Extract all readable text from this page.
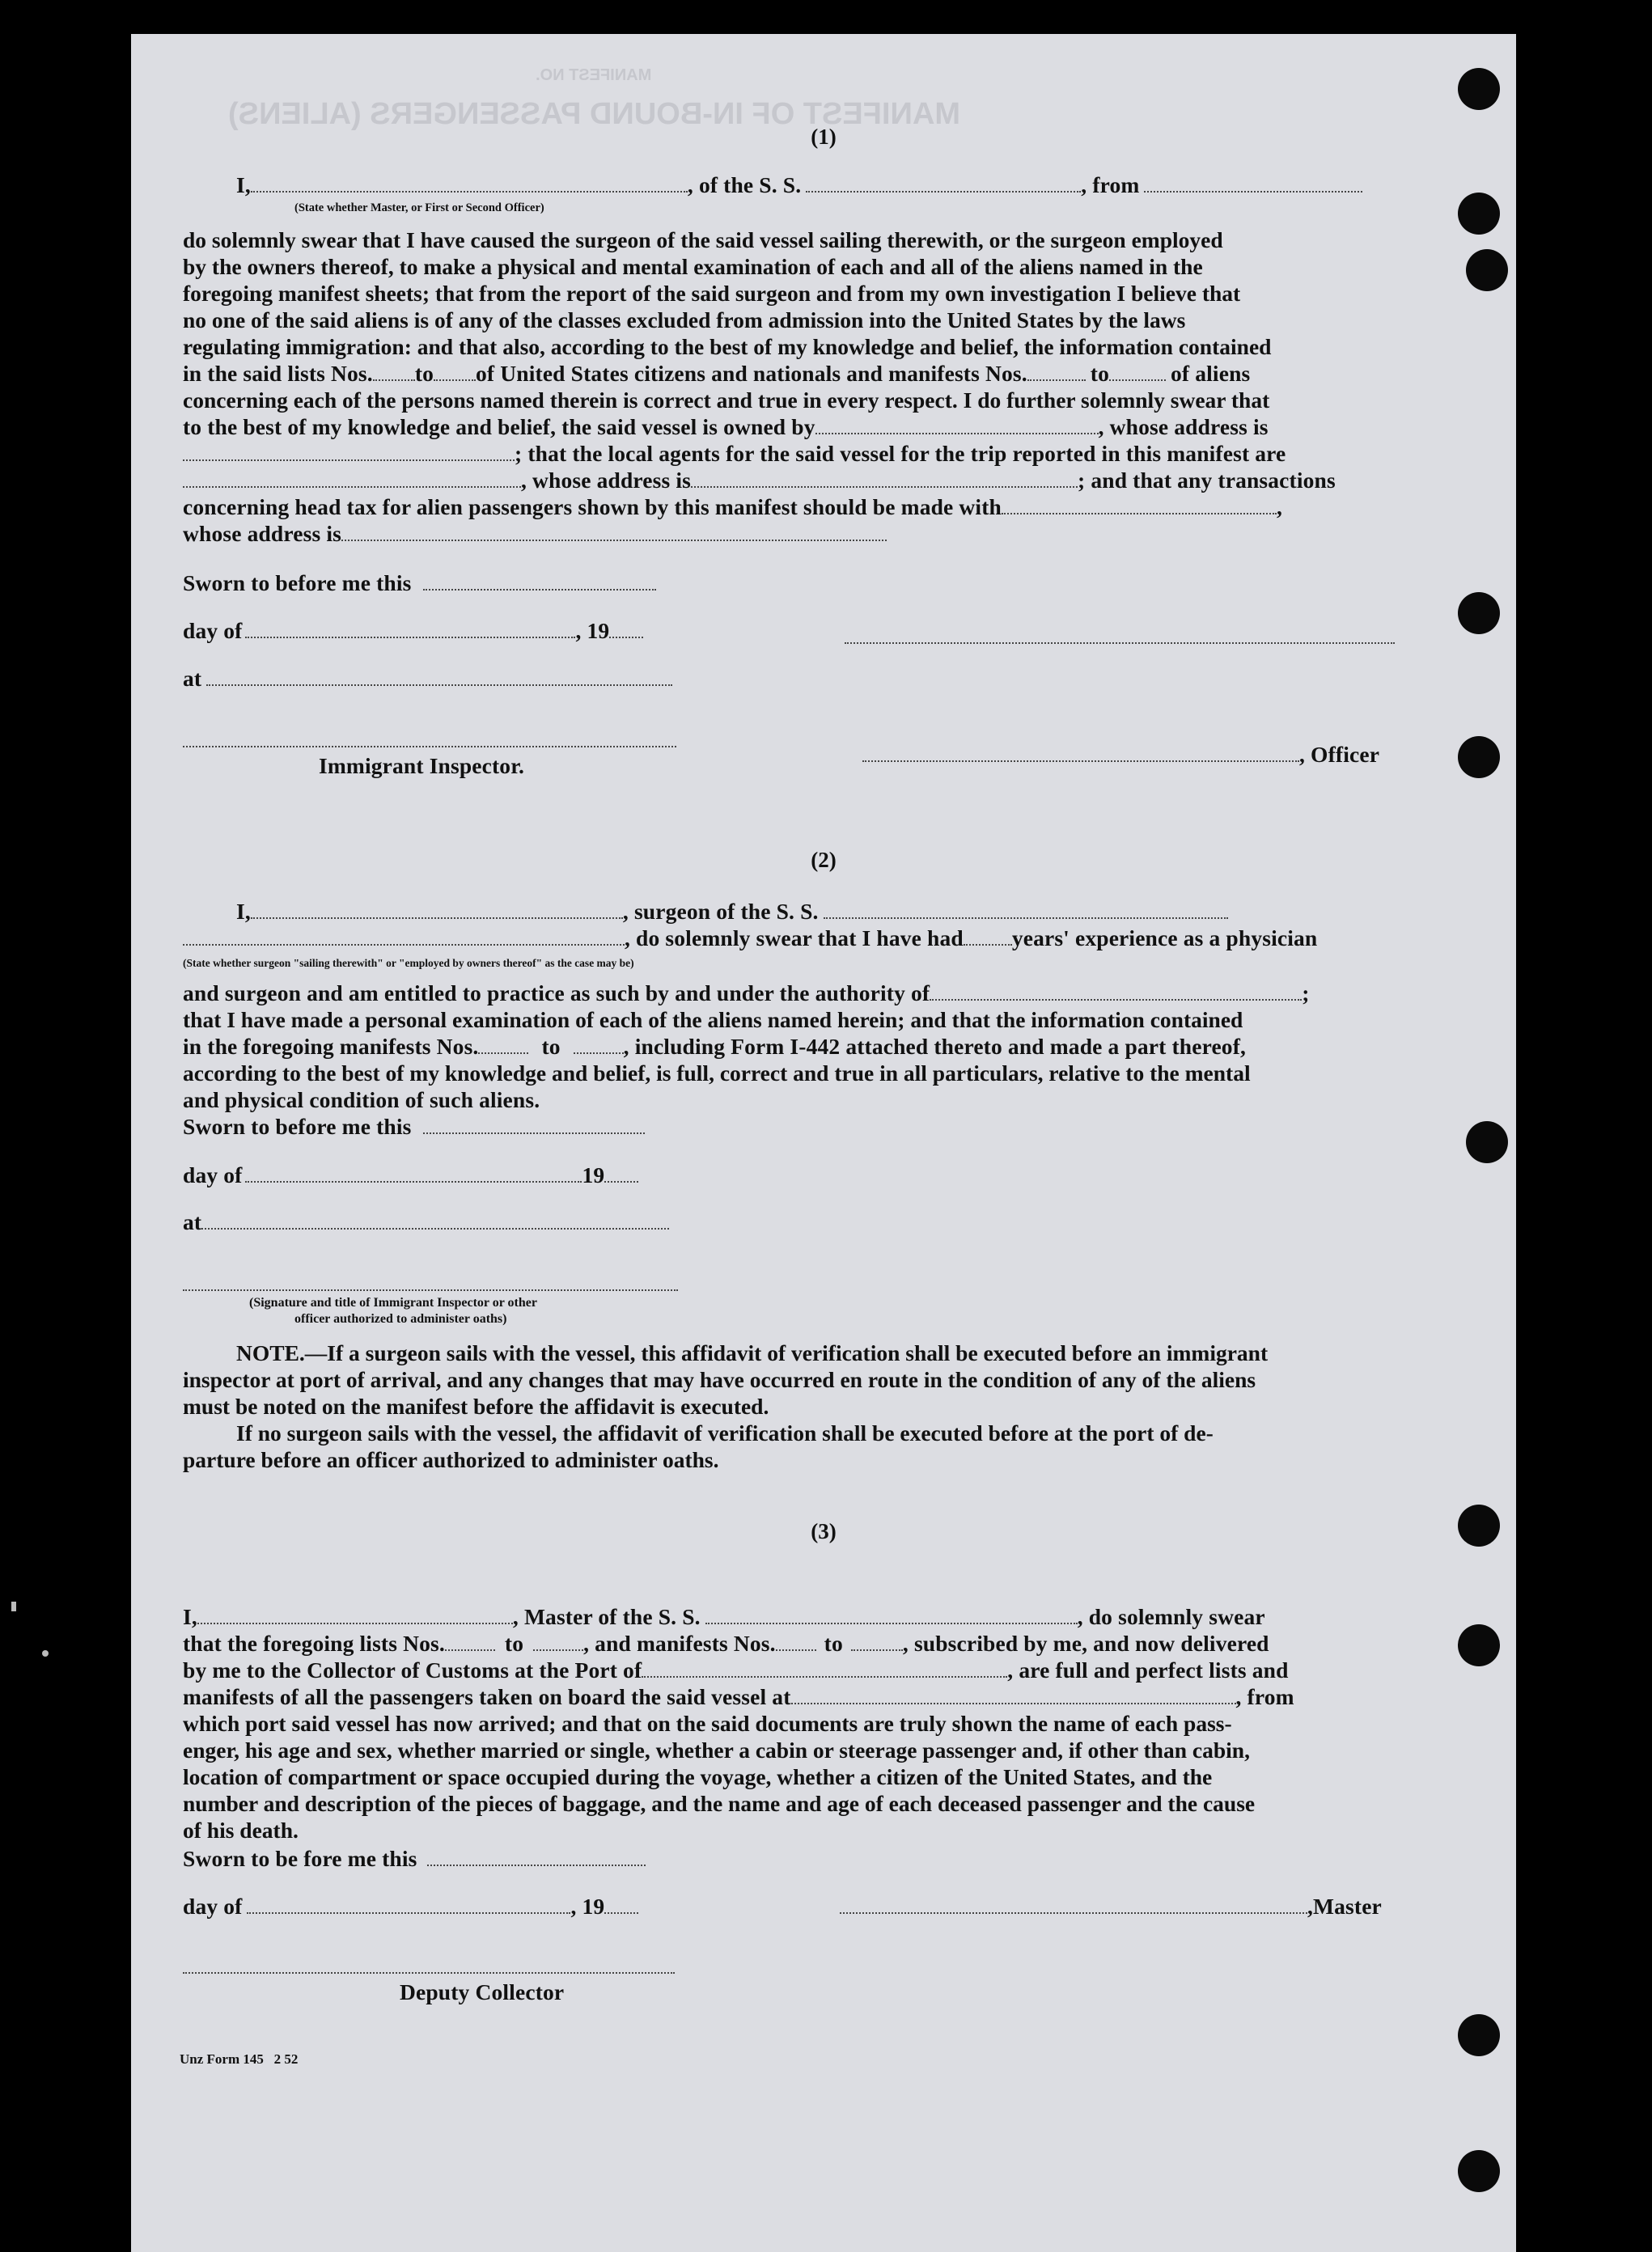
MANIFEST OF IN-BOUND PASSENGERS (ALIENS)
MANIFEST NO.
(1)
I,	, of the S. S.	, from
(State whether Master, or First or Second Officer)
do solemnly swear that I have caused the surgeon of the said vessel sailing therewith, or the surgeon employed
by the owners thereof, to make a physical and mental examination of each and all of the aliens named in the
foregoing manifest sheets; that from the report of the said surgeon and from my own investigation I believe that
no one of the said aliens is of any of the classes excluded from admission into the United States by the laws
regulating immigration: and that also, according to the best of my knowledge and belief, the information contained
in the said lists Nos. to of United States citizens and nationals and manifests Nos.	to	of aliens
concerning each of the persons named therein is correct and true in every respect. I do further solemnly swear that
to the best of my knowledge and belief, the said vessel is owned by	, whose address is
; that the local agents for the said vessel for the trip reported in this manifest are
, whose address is	; and that any transactions
concerning head tax for alien passengers shown by this manifest should be made with	,
whose address is
Sworn to before me this
day of	, 19
at
Immigrant Inspector.	, Officer
(2)
I,	, surgeon of the S. S.
, do solemnly swear that I have had years' experience as a physician
(State whether surgeon "sailing therewith" or "employed by owners thereof" as the case may be)
and surgeon and am entitled to practice as such by and under the authority of	;
that I have made a personal examination of each of the aliens named herein; and that the information contained
in the foregoing manifests Nos.	to	, including Form I-442 attached thereto and made a part thereof,
according to the best of my knowledge and belief, is full, correct and true in all particulars, relative to the mental
and physical condition of such aliens.
Sworn to before me this
day of	19
at
(Signature and title of Immigrant Inspector or other
officer authorized to administer oaths)
NOTE.—If a surgeon sails with the vessel, this affidavit of verification shall be executed before an immigrant
inspector at port of arrival, and any changes that may have occurred en route in the condition of any of the aliens
must be noted on the manifest before the affidavit is executed.
If no surgeon sails with the vessel, the affidavit of verification shall be executed before at the port of de-
parture before an officer authorized to administer oaths.
(3)
I,	, Master of the S. S.	, do solemnly swear
that the foregoing lists Nos.	to	, and manifests Nos. to	, subscribed by me, and now delivered
by me to the Collector of Customs at the Port of	, are full and perfect lists and
manifests of all the passengers taken on board the said vessel at	, from
which port said vessel has now arrived; and that on the said documents are truly shown the name of each pass-
enger, his age and sex, whether married or single, whether a cabin or steerage passenger and, if other than cabin,
location of compartment or space occupied during the voyage, whether a citizen of the United States, and the
number and description of the pieces of baggage, and the name and age of each deceased passenger and the cause
of his death.
Sworn to be fore me this
day of	, 19	,Master
Deputy Collector
Unz Form 145   2 52
